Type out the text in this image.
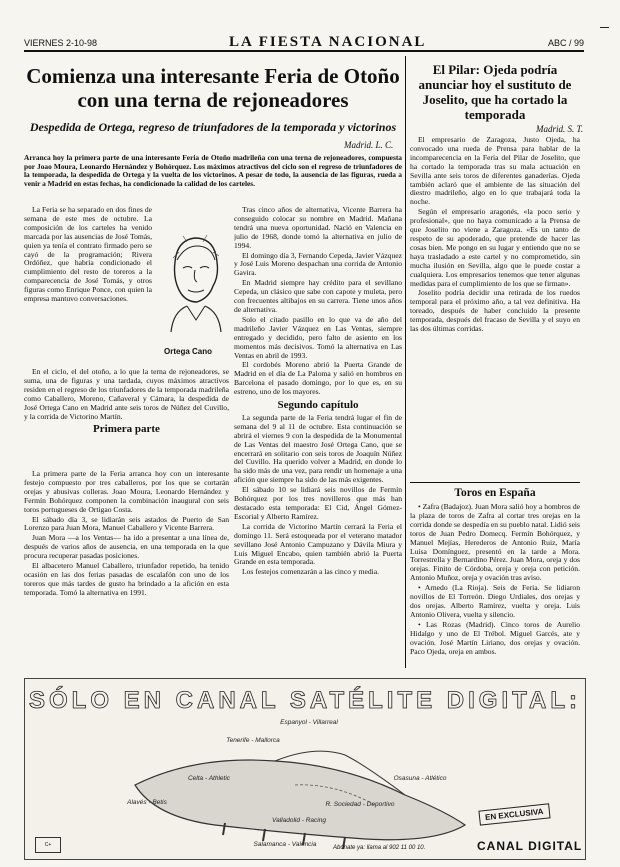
VIERNES 2-10-98	LA FIESTA NACIONAL	ABC / 99
Comienza una interesante Feria de Otoño con una terna de rejoneadores
Despedida de Ortega, regreso de triunfadores de la temporada y victorinos
Madrid. L. C.
Arranca hoy la primera parte de una interesante Feria de Otoño madrileña con una terna de rejoneadores, compuesta por Joao Moura, Leonardo Hernández y Bohórquez. Los máximos atractivos del ciclo son el regreso de triunfadores de la temporada, la despedida de Ortega y la vuelta de los victorinos. A pesar de todo, la ausencia de las figuras, rueda a venir a Madrid en estas fechas, ha condicionado la calidad de los carteles.

La Feria se ha separado en dos fines de semana de este mes de octubre. La composición de los carteles ha venido marcada por las ausencias de José Tomás, quien ya tenía el contrato firmado pero se cayó de la programación; Rivera Ordóñez, que habría condicionado el cumplimiento del resto de toreros a la comparecencia de José Tomás, y otros figuras como Enrique Ponce, con quien la empresa mantuvo conversaciones.

Ortega Cano

En el ciclo, el del otoño, a lo que la terna de rejoneadores, se suma, una de figuras y una tardada, cuyos máximos atractivos residen en el regreso de los triunfadores de la temporada madrileña como Caballero, Moreno, Cañaveral y Cámara, la despedida de José Ortega Cano en Madrid ante seis toros de Núñez del Cuvillo, y la corrida de Victorino Martín.

Primera parte

La primera parte de la Feria arranca hoy con un interesante festejo compuesto por tres caballeros, por los que se cortarán orejas y abusivas colleras. Joao Moura, Leonardo Hernández y Fermín Bohórquez componen la combinación inaugural con seis toros portugueses de Ortigao Costa.

El sábado día 3, se lidiarán seis astados de Puerto de San Lorenzo para Juan Mora, Manuel Caballero y Vicente Barrera.

Juan Mora —a los Ventas— ha ido a presentar a una línea de, después de varios años de ausencia, en una temporada en la que procura recuperar pasadas posiciones.

El albacetero Manuel Caballero, triunfador repetido, ha tenido ocasión en las dos ferias pasadas de escalafón con uno de los toreros que más tardes de gusto ha brindado a la afición en esta temporada. Tomó la alternativa en 1991.

Tras cinco años de alternativa, Vicente Barrera ha conseguido colocar su nombre en Madrid. Mañana tendrá una nueva oportunidad. Nació en Valencia en julio de 1968, donde tomó la alternativa en julio de 1994.

El domingo día 3, Fernando Cepeda, Javier Vázquez y José Luis Moreno despachan una corrida de Antonio Gavira.

En Madrid siempre hay crédito para el sevillano Cepeda, un clásico que sabe con capote y muleta, pero con frecuentes altibajos en su carrera. Tiene unos años de alternativa.

Solo el citado pasillo en lo que va de año del madrileño Javier Vázquez en Las Ventas, siempre entregado y decidido, pero falto de asiento en los momentos más decisivos. Tomó la alternativa en Las Ventas en abril de 1993.

El cordobés Moreno abrió la Puerta Grande de Madrid en el día de La Paloma y salió en hombros en Barcelona el pasado domingo, por lo que es, en su estreno, uno de los mayores.

Segundo capítulo

La segunda parte de la Feria tendrá lugar el fin de semana del 9 al 11 de octubre. Esta continuación se abrirá el viernes 9 con la despedida de la Monumental de Las Ventas del maestro José Ortega Cano, que se encerrará en solitario con seis toros de Joaquín Núñez del Cuvillo. Ha querido volver a Madrid, en donde lo ha sido más de una vez, para rendir un homenaje a una afición que siempre ha sido de las más exigentes.

El sábado 10 se lidiará seis novillos de Fermín Bohórquez por los tres novilleros que más han destacado esta temporada: El Cid, Ángel Gómez-Escorial y Alberto Ramírez.

La corrida de Victorino Martín cerrará la Feria el domingo 11. Será estoqueada por el veterano matador sevillano José Antonio Campuzano y Dávila Miura y Luis Miguel Encabo, quien también abrió la Puerta Grande en esta temporada.

Los festejos comenzarán a las cinco y media.

El Pilar: Ojeda podría anunciar hoy el sustituto de Joselito, que ha cortado la temporada
Madrid. S. T.

El empresario de Zaragoza, Justo Ojeda, ha convocado una rueda de Prensa para hablar de la incomparecencia en la Feria del Pilar de Joselito, que ha cortado la temporada tras su mala actuación en Sevilla ante seis toros de diferentes ganaderías. Ojeda también aclaró que el ambiente de las situación del diestro madrileño, algo en lo que trabajará toda la noche.

Según el empresario aragonés, «la poco serio y profesional», que no haya comunicado a la Prensa de que Joselito no viene a Zaragoza. «Es un tanto de respeto de su apoderado, que pretende de hacer las cosas bien. Me pongo en su lugar y entiendo que no se haya trasladado a este cartel y no comprometido, sin mucha ilusión en Sevilla, algo que le puede costar a cualquiera. Los empresarios tenemos que tener algunas medidas para el cumplimiento de los que se firman».

Joselito podría decidir una retirada de los ruedos temporal para el próximo año, a tal vez definitiva. Ha toreado, después de haber concluido la presente temporada, después del fracaso de Sevilla y el suyo en las dos últimas corridas.

Toros en España

• Zafra (Badajoz). Juan Mora salió hoy a hombros de la plaza de toros de Zafra al cortar tres orejas en la corrida donde se despedía en su pueblo natal. Lidió seis toros de Juan Pedro Domecq. Fermín Bohórquez, y Manuel Mejías, Herederos de Antonio Ruiz, María Luisa Domínguez, presentó en la tarde a Mora. Torrestrella y Bernardino Pérez. Juan Mora, oreja y dos orejas. Finito de Córdoba, oreja y oreja con petición. Antonio Muñoz, oreja y ovación tras aviso.

• Arnedo (La Rioja). Seis de Feria. Se lidiaron novillos de El Torreón. Diego Urdiales, dos orejas y dos orejas. Alberto Ramírez, vuelta y oreja. Luis Antonio Olivera, vuelta y silencio.

• Las Rozas (Madrid). Cinco toros de Aurelio Hidalgo y uno de El Trébol. Miguel Garcés, ate y ovación. José Martín Liriano, dos orejas y ovación. Paco Ojeda, oreja en ambos.

—
SÓLO EN CANAL SATÉLITE DIGITAL:
Espanyol - Villarreal
Tenerife - Mallorca
Celta - Athletic	Osasuna - Atlético
Alavés - Betis	R. Sociedad - Deportivo
Valladolid - Racing
Salamanca - Valencia
EN EXCLUSIVA
C+	Abónate ya: llama al 902 11 00 10.	CANAL DIGITAL
